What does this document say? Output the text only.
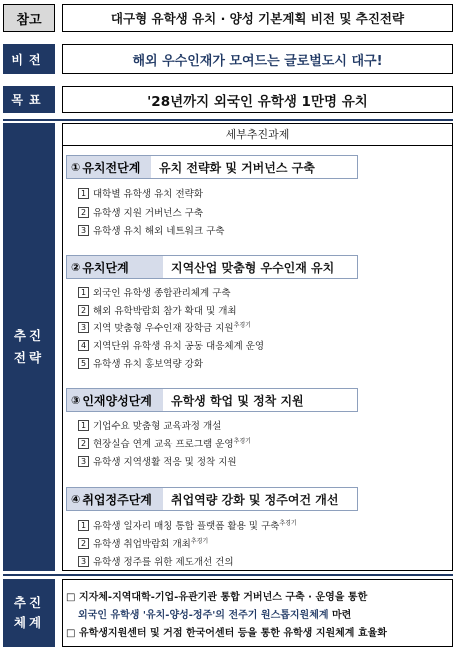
참고	대구형 유학생 유치 · 양성 기본계획 비전 및 추진전략
비전	해외 우수인재가 모여드는 글로벌도시 대구!
목표	'28년까지 외국인 유학생 1만명 유치
추진
전략
세부추진과제
① 유치전단계	유치 전략화 및 거버넌스 구축
1 대학별 유학생 유치 전략화
2 유학생 지원 거버넌스 구축
3 유학생 유치 해외 네트워크 구축
② 유치단계	지역산업 맞춤형 우수인재 유치
1 외국인 유학생 종합관리체계 구축
2 해외 유학박람회 참가 확대 및 개최
3 지역 맞춤형 우수인재 장학금 지원$^{추경기}$
4 지역단위 유학생 유치 공동 대응체계 운영
5 유학생 유치 홍보역량 강화
③ 인재양성단계	유학생 학업 및 정착 지원
1 기업수요 맞춤형 교육과정 개설
2 현장실습 연계 교육 프로그램 운영$^{추경기}$
3 유학생 지역생활 적응 및 정착 지원
④ 취업정주단계	취업역량 강화 및 정주여건 개선
1 유학생 일자리 매칭 통합 플랫폼 활용 및 구축$^{추경기}$
2 유학생 취업박람회 개최$^{추경기}$
3 유학생 정주를 위한 제도개선 건의
추진
체계
□ 지자체-지역대학-기업-유관기관 통합 거버넌스 구축 · 운영을 통한
외국인 유학생 '유치-양성-정주'의 전주기 원스톱지원체계 마련
□ 유학생지원센터 및 거점 한국어센터 등을 통한 유학생 지원체계 효율화
